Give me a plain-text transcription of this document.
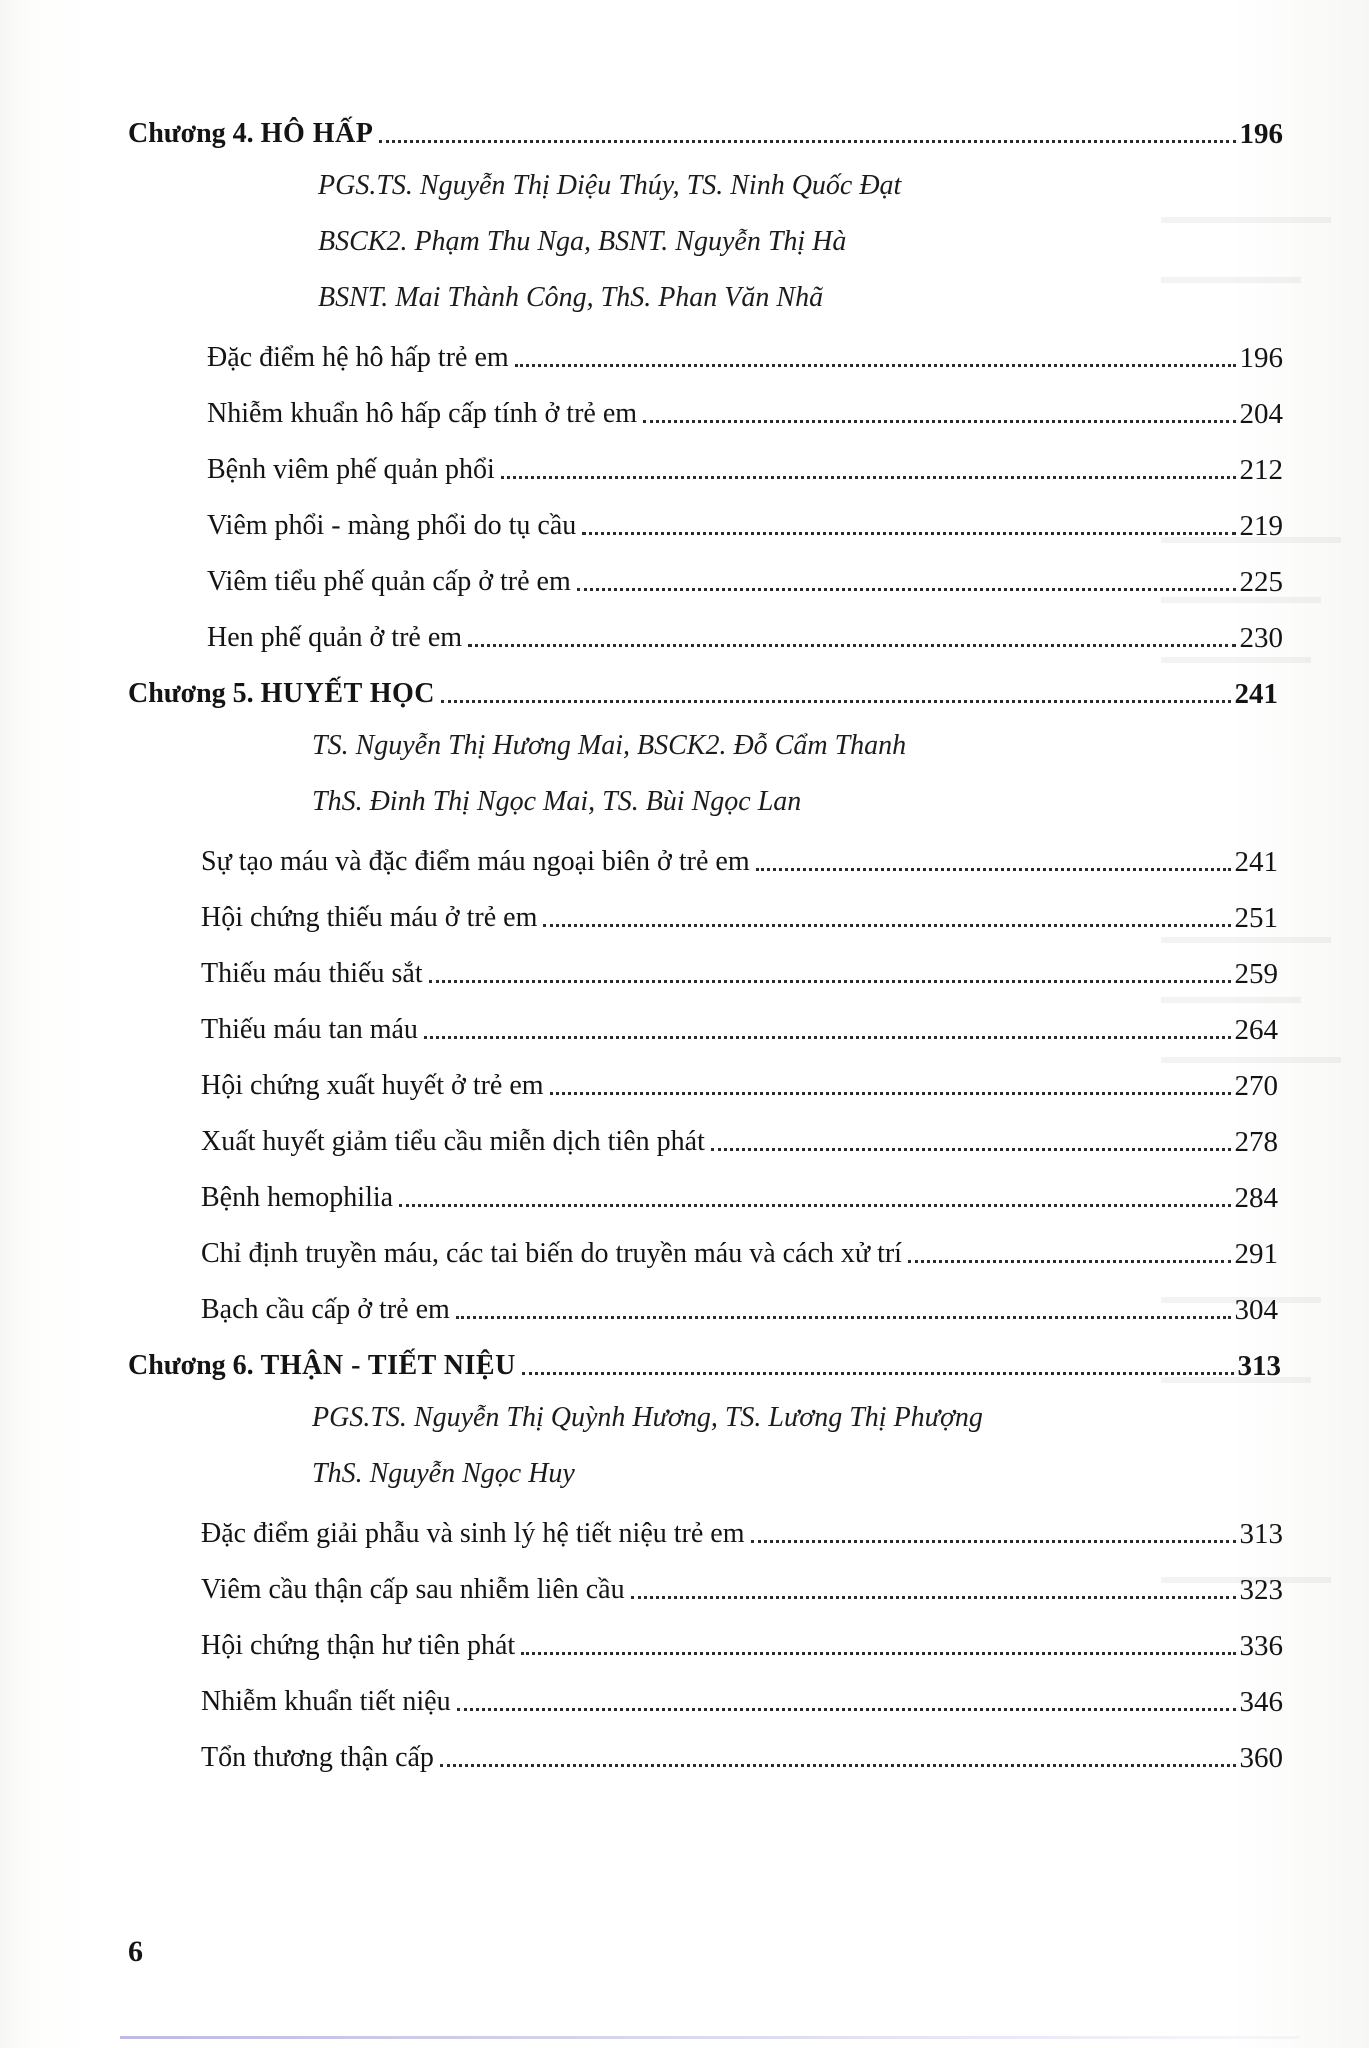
Chương 4. HÔ HẤP	196
PGS.TS. Nguyễn Thị Diệu Thúy, TS. Ninh Quốc Đạt
BSCK2. Phạm Thu Nga, BSNT. Nguyễn Thị Hà
BSNT. Mai Thành Công, ThS. Phan Văn Nhã
Đặc điểm hệ hô hấp trẻ em	196
Nhiễm khuẩn hô hấp cấp tính ở trẻ em	204
Bệnh viêm phế quản phổi	212
Viêm phổi - màng phổi do tụ cầu	219
Viêm tiểu phế quản cấp ở trẻ em	225
Hen phế quản ở trẻ em	230
Chương 5. HUYẾT HỌC	241
TS. Nguyễn Thị Hương Mai, BSCK2. Đỗ Cẩm Thanh
ThS. Đinh Thị Ngọc Mai, TS. Bùi Ngọc Lan
Sự tạo máu và đặc điểm máu ngoại biên ở trẻ em	241
Hội chứng thiếu máu ở trẻ em	251
Thiếu máu thiếu sắt	259
Thiếu máu tan máu	264
Hội chứng xuất huyết ở trẻ em	270
Xuất huyết giảm tiểu cầu miễn dịch tiên phát	278
Bệnh hemophilia	284
Chỉ định truyền máu, các tai biến do truyền máu và cách xử trí	291
Bạch cầu cấp ở trẻ em	304
Chương 6. THẬN - TIẾT NIỆU	313
PGS.TS. Nguyễn Thị Quỳnh Hương, TS. Lương Thị Phượng
ThS. Nguyễn Ngọc Huy
Đặc điểm giải phẫu và sinh lý hệ tiết niệu trẻ em	313
Viêm cầu thận cấp sau nhiễm liên cầu	323
Hội chứng thận hư tiên phát	336
Nhiễm khuẩn tiết niệu	346
Tổn thương thận cấp	360
6
